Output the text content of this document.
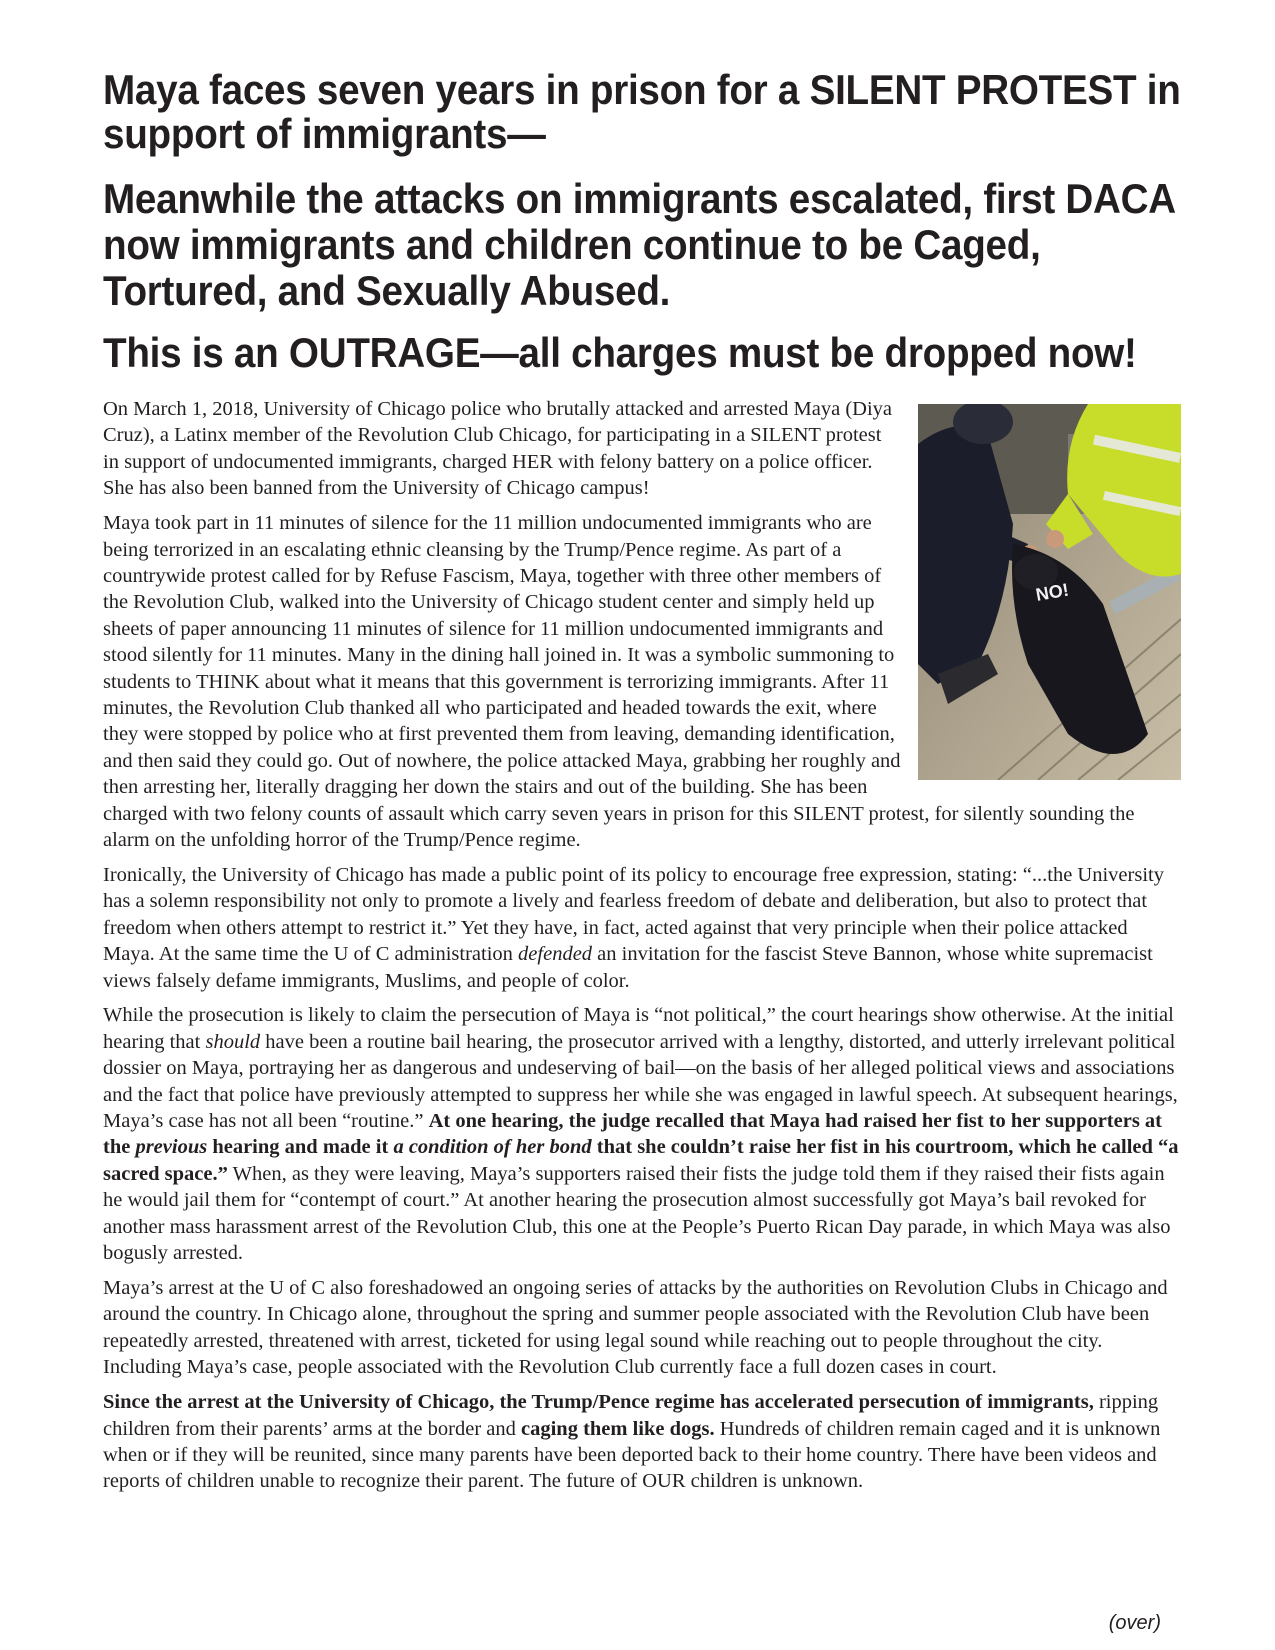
Maya faces seven years in prison for a SILENT PROTEST in support of immigrants—
Meanwhile the attacks on immigrants escalated, first DACA now immigrants and children continue to be Caged, Tortured, and Sexually Abused.
This is an OUTRAGE—all charges must be dropped now!
NO!

On March 1, 2018, University of Chicago police who brutally attacked and arrested Maya (Diya Cruz), a Latinx member of the Revolution Club Chicago, for participating in a SILENT protest in support of undocumented immigrants, charged HER with felony battery on a police officer. She has also been banned from the University of Chicago campus!

Maya took part in 11 minutes of silence for the 11 million undocumented immigrants who are being terrorized in an escalating ethnic cleansing by the Trump/Pence regime. As part of a countrywide protest called for by Refuse Fascism, Maya, together with three other members of the Revolution Club, walked into the University of Chicago student center and simply held up sheets of paper announcing 11 minutes of silence for 11 million undocumented immigrants and stood silently for 11 minutes. Many in the dining hall joined in. It was a symbolic summoning to students to THINK about what it means that this government is terrorizing immigrants. After 11 minutes, the Revolution Club thanked all who participated and headed towards the exit, where they were stopped by police who at first prevented them from leaving, demanding identification, and then said they could go. Out of nowhere, the police attacked Maya, grabbing her roughly and then arresting her, literally dragging her down the stairs and out of the building. She has been charged with two felony counts of assault which carry seven years in prison for this SILENT protest, for silently sounding the alarm on the unfolding horror of the Trump/Pence regime.

Ironically, the University of Chicago has made a public point of its policy to encourage free expression, stating: “...the University has a solemn responsibility not only to promote a lively and fearless freedom of debate and deliberation, but also to protect that freedom when others attempt to restrict it.” Yet they have, in fact, acted against that very principle when their police attacked Maya. At the same time the U of C administration defended an invitation for the fascist Steve Bannon, whose white supremacist views falsely defame immigrants, Muslims, and people of color.

While the prosecution is likely to claim the persecution of Maya is “not political,” the court hearings show otherwise. At the initial hearing that should have been a routine bail hearing, the prosecutor arrived with a lengthy, distorted, and utterly irrelevant political dossier on Maya, portraying her as dangerous and undeserving of bail—on the basis of her alleged political views and associations and the fact that police have previously attempted to suppress her while she was engaged in lawful speech. At subsequent hearings, Maya’s case has not all been “routine.” At one hearing, the judge recalled that Maya had raised her fist to her supporters at the previous hearing and made it a condition of her bond that she couldn’t raise her fist in his courtroom, which he called “a sacred space.” When, as they were leaving, Maya’s supporters raised their fists the judge told them if they raised their fists again he would jail them for “contempt of court.” At another hearing the prosecution almost successfully got Maya’s bail revoked for another mass harassment arrest of the Revolution Club, this one at the People’s Puerto Rican Day parade, in which Maya was also bogusly arrested.

Maya’s arrest at the U of C also foreshadowed an ongoing series of attacks by the authorities on Revolution Clubs in Chicago and around the country. In Chicago alone, throughout the spring and summer people associated with the Revolution Club have been repeatedly arrested, threatened with arrest, ticketed for using legal sound while reaching out to people throughout the city. Including Maya’s case, people associated with the Revolution Club currently face a full dozen cases in court.

Since the arrest at the University of Chicago, the Trump/Pence regime has accelerated persecution of immigrants, ripping children from their parents’ arms at the border and caging them like dogs. Hundreds of children remain caged and it is unknown when or if they will be reunited, since many parents have been deported back to their home country. There have been videos and reports of children unable to recognize their parent. The future of OUR children is unknown.

(over)
